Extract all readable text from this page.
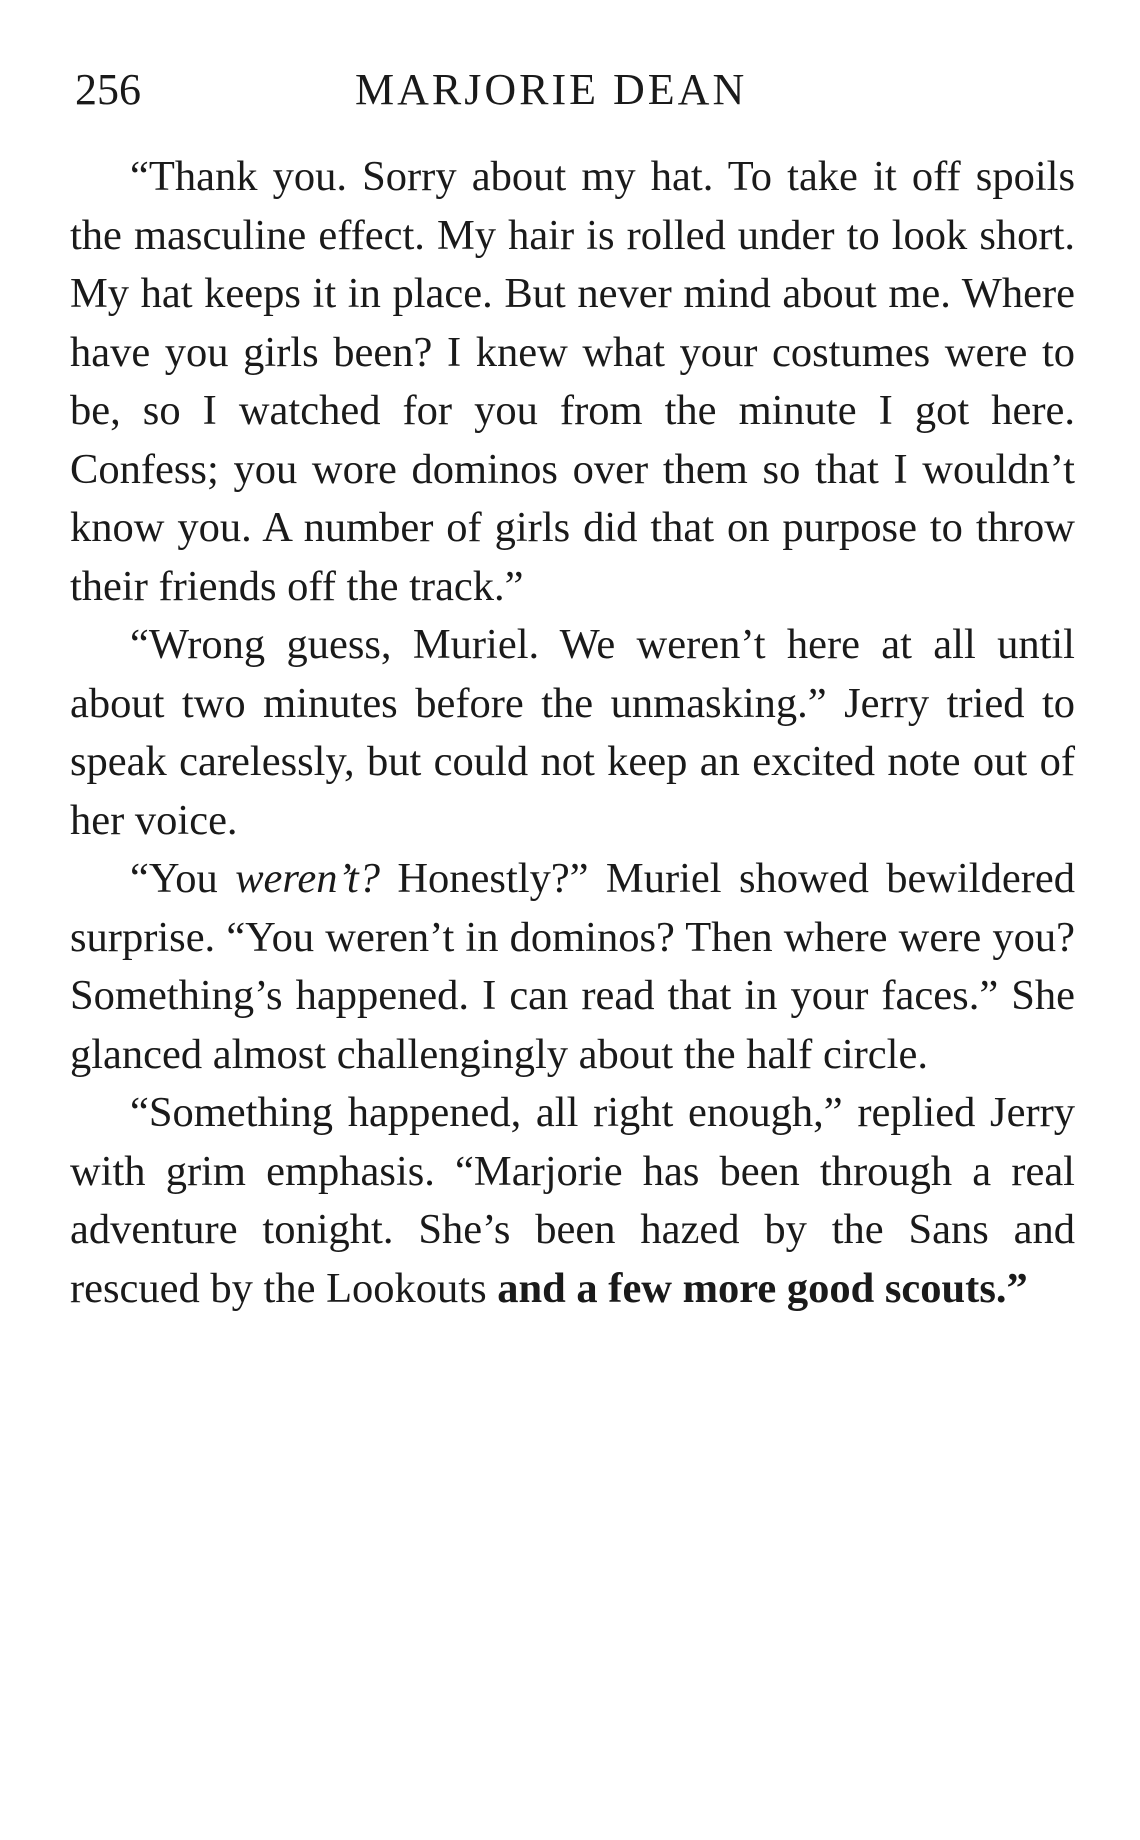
256	MARJORIE DEAN

“Thank you. Sorry about my hat. To take it off spoils the masculine effect. My hair is rolled under to look short. My hat keeps it in place. But never mind about me. Where have you girls been? I knew what your costumes were to be, so I watched for you from the minute I got here. Confess; you wore dominos over them so that I wouldn’t know you. A number of girls did that on purpose to throw their friends off the track.”

“Wrong guess, Muriel. We weren’t here at all until about two minutes before the unmasking.” Jerry tried to speak carelessly, but could not keep an excited note out of her voice.

“You weren’t? Honestly?” Muriel showed bewildered surprise. “You weren’t in dominos? Then where were you? Something’s happened. I can read that in your faces.” She glanced almost challengingly about the half circle.

“Something happened, all right enough,” replied Jerry with grim emphasis. “Marjorie has been through a real adventure tonight. She’s been hazed by the Sans and rescued by the Lookouts and a few more good scouts.”
